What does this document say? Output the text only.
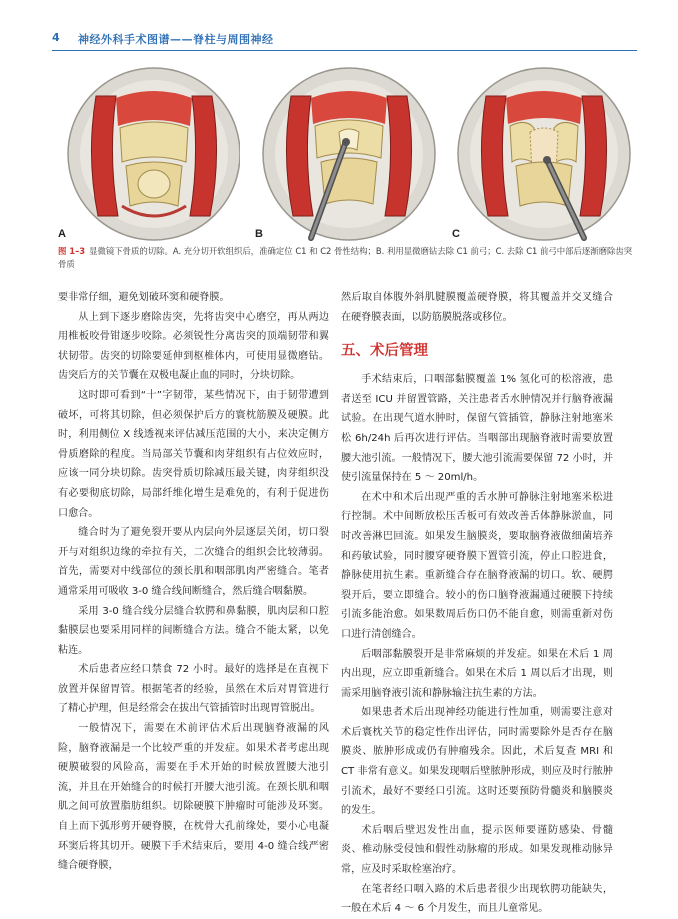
4 神经外科手术图谱——脊柱与周围神经
A	B	C
图 1–3 显微镜下骨质的切除。A. 充分切开软组织后，准确定位 C1 和 C2 骨性结构；B. 利用显微磨钻去除 C1 前弓；C. 去除 C1 前弓中部后逐渐磨除齿突骨质

要非常仔细，避免划破环窦和硬脊膜。

从上到下逐步磨除齿突，先将齿突中心磨空，再从两边用椎板咬骨钳逐步咬除。必须锐性分离齿突的顶端韧带和翼状韧带。齿突的切除要延伸到枢椎体内，可使用显微磨钻。齿突后方的关节囊在双极电凝止血的同时，分块切除。

这时即可看到“十”字韧带，某些情况下，由于韧带遭到破坏，可将其切除，但必须保护后方的寰枕筋膜及硬膜。此时，利用侧位 X 线透视来评估减压范围的大小，来决定侧方骨质磨除的程度。当局部关节囊和肉芽组织有占位效应时，应该一同分块切除。齿突骨质切除减压最关键，肉芽组织没有必要彻底切除，局部纤维化增生是难免的，有利于促进伤口愈合。

缝合时为了避免裂开要从内层向外层逐层关闭，切口裂开与对组织边缘的牵拉有关，二次缝合的组织会比较薄弱。首先，需要对中线部位的颈长肌和咽部肌肉严密缝合。笔者通常采用可吸收 3-0 缝合线间断缝合，然后缝合咽黏膜。

采用 3-0 缝合线分层缝合软腭和鼻黏膜，肌肉层和口腔黏膜层也要采用同样的间断缝合方法。缝合不能太紧，以免粘连。

术后患者应经口禁食 72 小时。最好的选择是在直视下放置并保留胃管。根据笔者的经验，虽然在术后对胃管进行了精心护理，但是经常会在拔出气管插管时出现胃管脱出。

一般情况下，需要在术前评估术后出现脑脊液漏的风险，脑脊液漏是一个比较严重的并发症。如果术者考虑出现硬膜破裂的风险高，需要在手术开始的时候放置腰大池引流，并且在开始缝合的时候打开腰大池引流。在颈长肌和咽肌之间可放置脂肪组织。切除硬膜下肿瘤时可能涉及环窦。自上而下弧形剪开硬脊膜，在枕骨大孔前缘处，要小心电凝环窦后将其切开。硬膜下手术结束后，要用 4-0 缝合线严密缝合硬脊膜，

然后取自体腹外斜肌腱膜覆盖硬脊膜，将其覆盖并交叉缝合在硬脊膜表面，以防筋膜脱落或移位。

五、术后管理

手术结束后，口咽部黏膜覆盖 1% 氢化可的松溶液，患者送至 ICU 并留置管路，关注患者舌水肿情况并行脑脊液漏试验。在出现气道水肿时，保留气管插管，静脉注射地塞米松 6h/24h 后再次进行评估。当咽部出现脑脊液时需要放置腰大池引流。一般情况下，腰大池引流需要保留 72 小时，并使引流量保持在 5 ～ 20ml/h。

在术中和术后出现严重的舌水肿可静脉注射地塞米松进行控制。术中间断放松压舌板可有效改善舌体静脉淤血，同时改善淋巴回流。如果发生脑膜炎，要取脑脊液做细菌培养和药敏试验，同时腰穿硬脊膜下置管引流，停止口腔进食，静脉使用抗生素。重新缝合存在脑脊液漏的切口。软、硬腭裂开后，要立即缝合。较小的伤口脑脊液漏通过硬膜下持续引流多能治愈。如果数周后伤口仍不能自愈，则需重新对伤口进行清创缝合。

后咽部黏膜裂开是非常麻烦的并发症。如果在术后 1 周内出现，应立即重新缝合。如果在术后 1 周以后才出现，则需采用脑脊液引流和静脉输注抗生素的方法。

如果患者术后出现神经功能进行性加重，则需要注意对术后寰枕关节的稳定性作出评估，同时需要除外是否存在脑膜炎、脓肿形成或仍有肿瘤残余。因此，术后复查 MRI 和 CT 非常有意义。如果发现咽后壁脓肿形成，则应及时行脓肿引流术，最好不要经口引流。这时还要预防骨髓炎和脑膜炎的发生。

术后咽后壁迟发性出血，提示医师要谨防感染、骨髓炎、椎动脉受侵蚀和假性动脉瘤的形成。如果发现椎动脉异常，应及时采取栓塞治疗。

在笔者经口咽入路的术后患者很少出现软腭功能缺失，一般在术后 4 ～ 6 个月发生，而且儿童常见。
